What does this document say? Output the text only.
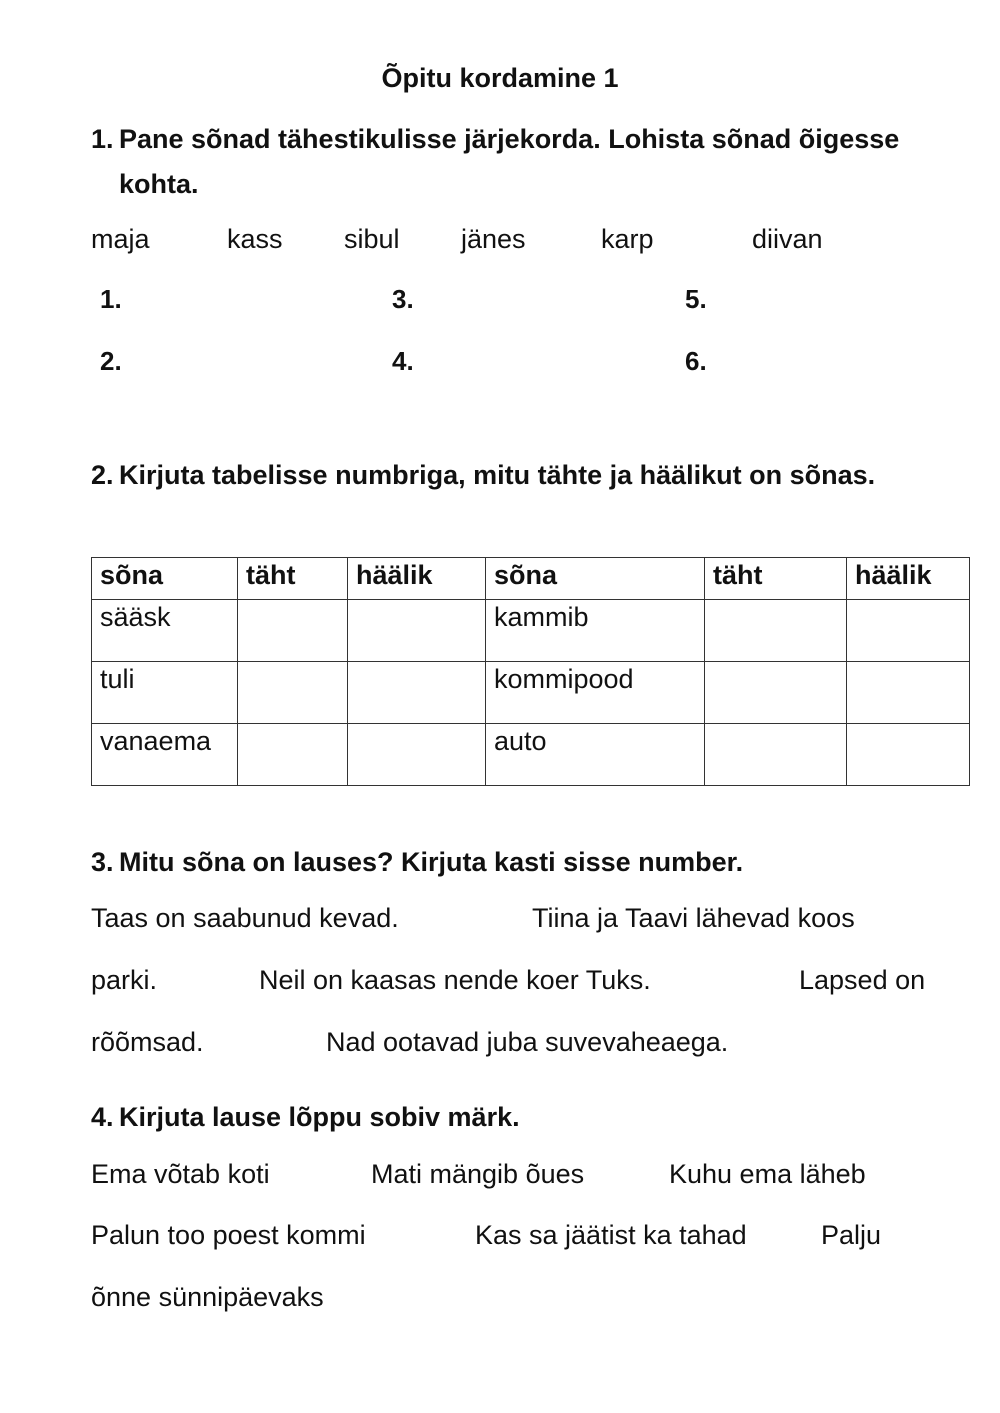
Õpitu kordamine 1
1. Pane sõnad tähestikulisse järjekorda. Lohista sõnad õigesse kohta.
maja	kass sibul jänes	karp	diivan
1.
2.
3.
4.
5.
6.
2. Kirjuta tabelisse numbriga, mitu tähte ja häälikut on sõnas.
sõna	täht	häälik	sõna	täht	häälik
sääsk			kammib		
tuli			kommipood		
vanaema			auto		
3. Mitu sõna on lauses? Kirjuta kasti sisse number.
Taas on saabunud kevad.	Tiina ja Taavi lähevad koos
parki.	Neil on kaasas nende koer Tuks.	Lapsed on
rõõmsad.	Nad ootavad juba suvevaheaega.
4. Kirjuta lause lõppu sobiv märk.
Ema võtab koti	Mati mängib õues	Kuhu ema läheb
Palun too poest kommi	Kas sa jäätist ka tahad	Palju
õnne sünnipäevaks
